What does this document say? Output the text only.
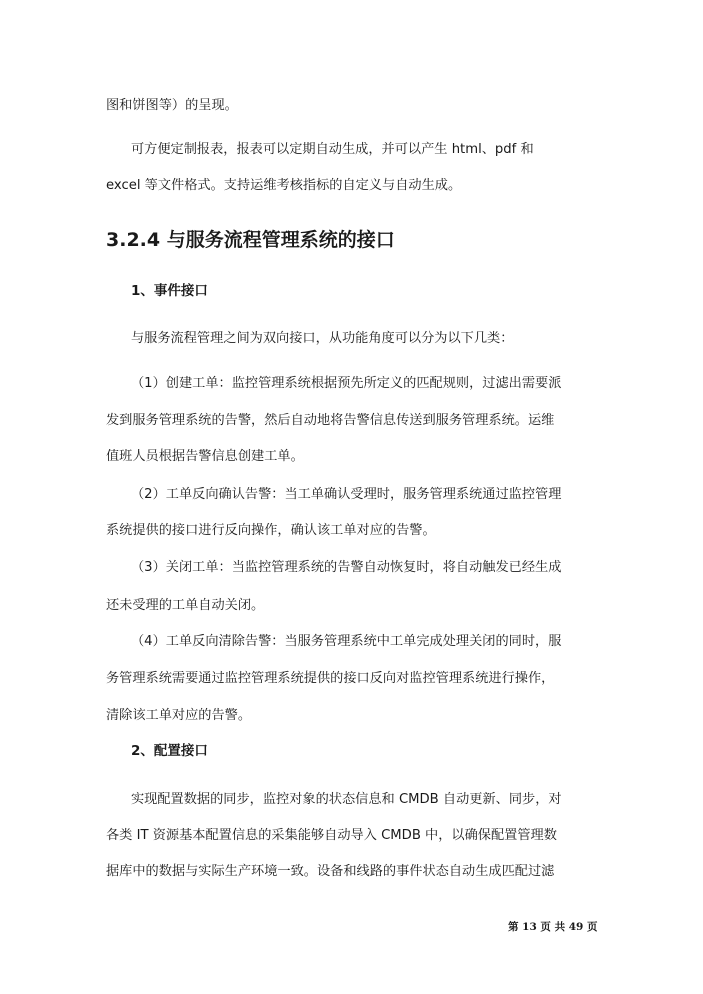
图和饼图等）的呈现。
可方便定制报表，报表可以定期自动生成，并可以产生 html、pdf 和
excel 等文件格式。支持运维考核指标的自定义与自动生成。
3.2.4 与服务流程管理系统的接口
1、事件接口
与服务流程管理之间为双向接口，从功能角度可以分为以下几类：
（1）创建工单：监控管理系统根据预先所定义的匹配规则，过滤出需要派
发到服务管理系统的告警，然后自动地将告警信息传送到服务管理系统。运维
值班人员根据告警信息创建工单。
（2）工单反向确认告警：当工单确认受理时，服务管理系统通过监控管理
系统提供的接口进行反向操作，确认该工单对应的告警。
（3）关闭工单：当监控管理系统的告警自动恢复时，将自动触发已经生成
还未受理的工单自动关闭。
（4）工单反向清除告警：当服务管理系统中工单完成处理关闭的同时，服
务管理系统需要通过监控管理系统提供的接口反向对监控管理系统进行操作，
清除该工单对应的告警。
2、配置接口
实现配置数据的同步，监控对象的状态信息和 CMDB 自动更新、同步，对
各类 IT 资源基本配置信息的采集能够自动导入 CMDB 中，以确保配置管理数
据库中的数据与实际生产环境一致。设备和线路的事件状态自动生成匹配过滤
第 13 页 共 49 页
